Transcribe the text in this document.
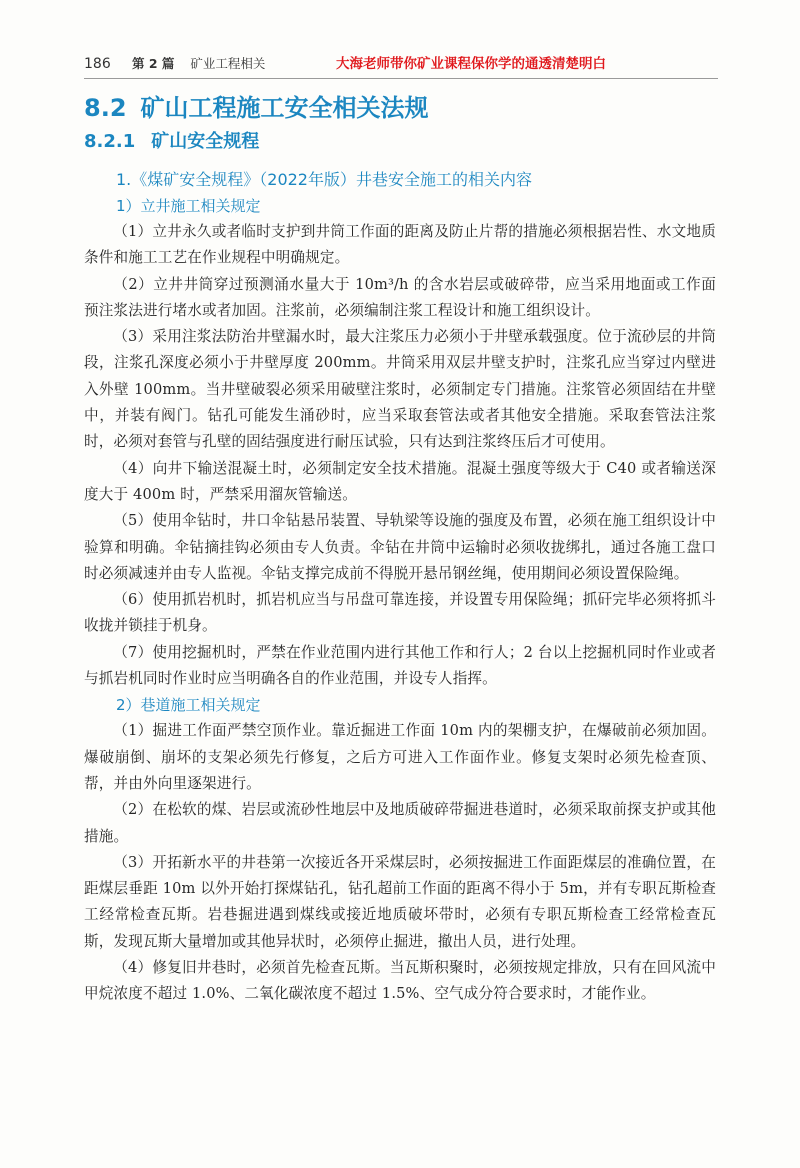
186 第 2 篇 矿业工程相关	大海老师带你矿业课程保你学的通透清楚明白
8.2 矿山工程施工安全相关法规
8.2.1 矿山安全规程
1.《煤矿安全规程》（2022年版）井巷安全施工的相关内容
1）立井施工相关规定

（1）立井永久或者临时支护到井筒工作面的距离及防止片帮的措施必须根据岩性、水文地质条件和施工工艺在作业规程中明确规定。

（2）立井井筒穿过预测涌水量大于 10m³/h 的含水岩层或破碎带，应当采用地面或工作面预注浆法进行堵水或者加固。注浆前，必须编制注浆工程设计和施工组织设计。

（3）采用注浆法防治井壁漏水时，最大注浆压力必须小于井壁承载强度。位于流砂层的井筒段，注浆孔深度必须小于井壁厚度 200mm。井筒采用双层井壁支护时，注浆孔应当穿过内壁进入外壁 100mm。当井壁破裂必须采用破壁注浆时，必须制定专门措施。注浆管必须固结在井壁中，并装有阀门。钻孔可能发生涌砂时，应当采取套管法或者其他安全措施。采取套管法注浆时，必须对套管与孔壁的固结强度进行耐压试验，只有达到注浆终压后才可使用。

（4）向井下输送混凝土时，必须制定安全技术措施。混凝土强度等级大于 C40 或者输送深度大于 400m 时，严禁采用溜灰管输送。

（5）使用伞钻时，井口伞钻悬吊装置、导轨梁等设施的强度及布置，必须在施工组织设计中验算和明确。伞钻摘挂钩必须由专人负责。伞钻在井筒中运输时必须收拢绑扎，通过各施工盘口时必须减速并由专人监视。伞钻支撑完成前不得脱开悬吊钢丝绳，使用期间必须设置保险绳。

（6）使用抓岩机时，抓岩机应当与吊盘可靠连接，并设置专用保险绳；抓矸完毕必须将抓斗收拢并锁挂于机身。

（7）使用挖掘机时，严禁在作业范围内进行其他工作和行人；2 台以上挖掘机同时作业或者与抓岩机同时作业时应当明确各自的作业范围，并设专人指挥。

2）巷道施工相关规定

（1）掘进工作面严禁空顶作业。靠近掘进工作面 10m 内的架棚支护，在爆破前必须加固。爆破崩倒、崩坏的支架必须先行修复，之后方可进入工作面作业。修复支架时必须先检查顶、帮，并由外向里逐架进行。

（2）在松软的煤、岩层或流砂性地层中及地质破碎带掘进巷道时，必须采取前探支护或其他措施。

（3）开拓新水平的井巷第一次接近各开采煤层时，必须按掘进工作面距煤层的准确位置，在距煤层垂距 10m 以外开始打探煤钻孔，钻孔超前工作面的距离不得小于 5m，并有专职瓦斯检查工经常检查瓦斯。岩巷掘进遇到煤线或接近地质破坏带时，必须有专职瓦斯检查工经常检查瓦斯，发现瓦斯大量增加或其他异状时，必须停止掘进，撤出人员，进行处理。

（4）修复旧井巷时，必须首先检查瓦斯。当瓦斯积聚时，必须按规定排放，只有在回风流中甲烷浓度不超过 1.0%、二氧化碳浓度不超过 1.5%、空气成分符合要求时，才能作业。
